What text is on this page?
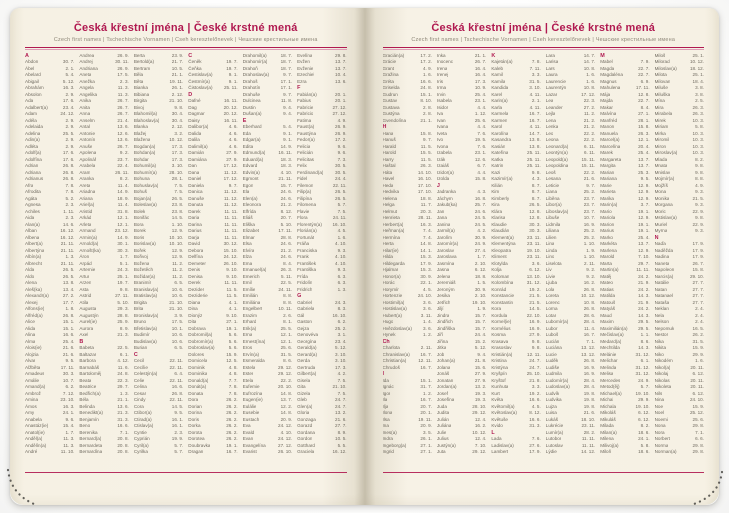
Česká křestní jména | České krstné mená
Czech first names | Tschechische Vornamen | Cseh keresztelőnevek | Чешские крестильные имена
A
Abdon	30. 7.
Ábel	2. 1.
Abelard	5. 4.
Abigail	5. 12.
Abrahám	16. 3.
Absolon	2. 9.
Ada	17. 6.
Adalbert(a)	23. 4.
Adam	24. 12.
Adéla	2. 9.
Adelaida	2. 9.
Adelina	25. 5.
Adin(a)	2. 9.
Adléta	2. 9.
Adolf(a)	17. 6.
Adolfína	17. 6.
Adrian	26. 8.
Adriana	26. 8.
Adrianus	26. 8.
Afra	7. 8.
Afrodita	7. 8.
Agáta	5. 2.
Agnesa	2. 3.
Achiles	1. 11.
Aida	2. 3.
Alan(a)	14. 6.
Alban	16. 12.
Albena	16. 12.
Albert(a)	21. 11.
Albertýna	21. 11.
Albín(a)	1. 3.
Albrecht	21. 11.
Alda	26. 5.
Aldo	26. 5.
Alena	13. 8.
Aleš(ka)	13. 4.
Alexandr(a)	27. 2.
Alexej	17. 7.
Alfons(ie)	1. 8.
Alfréd(a)	26. 8.
Alice	15. 1.
Alida	15. 1.
Alina	16. 6.
Alma	25. 4.
Alois(ie)	21. 6.
Alojzia	21. 6.
Alvar	9. 5.
Alžběta	17. 11.
Amadeus	30. 3.
Amálie	10. 7.
Amand(a)	6. 2.
Ambrož	7. 12.
Amina	23. 10.
Ámos	16. 3.
Amy	24. 1.
Anabela	9. 6.
Anastáz(ie)	15. 4.
Anatol(ie)	1. 7.
Anděl(a)	11. 3.
Andělín(a)	11. 3.
André	11. 10.
Andrea	26. 9.
Andrej	30. 11.
Andriana	26. 9.
Aneta	17. 5.
Anežka	2. 3.
Angela	11. 3.
Angelika	11. 3.
Anika	26. 7.
Anita	26. 7.
Anna	26. 7.
Anselm	21. 4.
Antal	13. 6.
Antonie	12. 6.
Antonín	13. 6.
Anuše	26. 7.
Apolena	9. 2.
Apolinář	23. 7.
Arabela	22. 4.
Aram	26. 11.
Aranka	8. 2.
Areta	11. 4.
Ariadna	14. 9.
Ariana	18. 9.
Ariel(a)	11. 4.
Aristid	31. 8.
Arkád	12. 1.
Arleta	12. 1.
Armand	23. 12.
Armin(a)	14. 9.
Arnold(a)	30. 1.
Arnošt(ka)	30. 3.
Áron	1. 7.
Arpád	5. 1.
Artemie	24. 3.
Artur	25. 1.
Arzen	19. 7.
Asta	9. 8.
Astrid	27. 11.
Atila	5. 10.
Augusta	29. 3.
Augustýn	28. 8.
Aurel(ie)	25. 9.
Aurora	8. 9.
Axel	21. 3.
B
Babeta	22. 5.
Baltazar	6. 1.
Barbora	4. 12.
Barnabáš	11. 6.
Bartoloměj	24. 8.
Beata	22. 3.
Beatrice	29. 7.
Bedřich(a)	1. 3.
Béla	21. 1.
Belinda	13. 6.
Benedikt(a)	21. 3.
Benjamín	31. 3.
Beno	16. 6.
Berenika	7. 1.
Bernard(a)	20. 8.
Bernardeta	20. 8.
Bernardína	20. 8.
Berta	23. 9.
Bertold(a)	21. 7.
Bertram	10. 5.
Běla	21. 1.
Běta	19. 11.
Bianka	26. 1.
Bibiana	2. 12.
Birgita	21. 10.
Bivoj	9. 8.
Blahomil(a)	30. 4.
Blahoslav(a)	30. 4.
Blanka	2. 12.
Blažej	3. 2.
Blažena	10. 12.
Bogdan(a)	17. 3.
Bohdan(a)	17. 3.
Bohdar	17. 3.
Bohumil(a)	3. 10.
Bohumír(a)	28. 10.
Bohuna	28. 1.
Bohuslav(a)	7. 5.
Bohuš	7. 5.
Bojan(a)	26. 5.
Boleslav(a)	23. 8.
Bolek	23. 8.
Bonifác	14. 5.
Bora	1. 10.
Borek	12. 9.
Boris	10. 10.
Borislav(a)	10. 10.
Bořek	12. 9.
Bořivoj	12. 9.
Božena	11. 2.
Božetěch	11. 2.
Božidar(a)	11. 2.
Branimír	6. 5.
Branislav(a)	10. 6.
Bratislav(a)	10. 6.
Brigita	21. 10.
Brita	21. 10.
Bronislav(a)	3. 9.
Bruno	17. 5.
Břetislav(a)	10. 1.
Budimír	10. 6.
Budislav(a)	10. 6.
Burian	6. 5.
C
Cecil	22. 11.
Cecílie	22. 11.
Celestýn(a)	6. 4.
Celie	22. 11.
Celina	16. 6.
Cesar	26. 8.
Cindy	22. 11.
Cora	14. 5.
Ctibor(a)	9. 5.
Ctirad(a)	16. 1.
Ctislav(a)	16. 1.
Cyntie	2. 3.
Cyprián	19. 9.
Cyril(a)	5. 7.
Cyrilka	5. 7.
Č
Čeněk	19. 7.
Čeňka	19. 7.
Čestislav(a)	9. 1.
Čestmír(a)	9. 1.
Čistoslav(a) 25. 11.
D
Dafné	16. 11.
Dag	20. 12.
Dagmar	20. 12.
Daisy	16. 11.
Dalibor(a)	4. 6.
Dalida	4. 6.
Dalila	4. 6.
Dalimil(a)	4. 6.
Damián	27. 9.
Damiána	27. 9.
Dan	17. 12.
Dana	11. 12.
Daniel	17. 12.
Daniela	9. 7.
Danica	11. 12.
Danuše	11. 12.
Danuta	11. 12.
Darek	11. 11.
Daria	11. 11.
Darina	11. 11.
Darius	11. 11.
Darja	11. 11.
David	30. 12.
Debora	15. 10.
Delfína	24. 12.
Demeter	26. 10.
Denis	9. 10.
Denisa	9. 10.
Derek	11. 11.
Dezider	11. 5.
Deziderie	11. 5.
Diana	4. 1.
Dina	4. 1.
Dionýz	9. 10.
Dita	27. 1.
Dobrava	19. 1.
Dobromil(a)	5. 6.
Dobromír(a)	5. 6.
Dobroslav(a)	5. 6.
Dolores	15. 9.
Domicela	12. 5.
Dominik	4. 8.
Dominika	4. 8.
Donald(a)	7. 7.
Donát(a)	7. 8.
Donata	7. 8.
Dora	26. 2.
Dorian	26. 2.
Dorina	26. 2.
Doris	26. 2.
Dorka	26. 2.
Dorota	26. 2.
Dorotea	26. 2.
Doubravka	19. 1.
Dragan	16. 7.
Drahomil(a)	18. 7.
Drahomír(a)	18. 7.
Drahoň	18. 7.
Drahoslav(a)	9. 7.
Drahoš	17. 1.
Drahotín	17. 1.
Drahuše	9. 7.
Dulcinea	11. 8.
Dustin	9. 4.
Dušan(a)	9. 4.
E
Eberhard	5. 4.
Eda	9. 1.
Edgar(a)	9. 1.
Edita	14. 9.
Edmund(a)	16. 11.
Eduard(a)	18. 3.
Edvard	18. 3.
Edvin(a)	4. 10.
Egmont	21. 11.
Egon	15. 7.
Ela	24. 6.
Elen(a)	24. 6.
Eleonora	21. 2.
Elfrída	8. 12.
Eliáš	20. 7.
Eliška	5. 10.
Elizabet	17. 11.
Elmar	28. 8.
Elsa	24. 6.
Elvíra	21. 2.
Elza	24. 6.
Ema	8. 4.
Emanuel(a)	26. 3.
Emerich	5. 11.
Emil	22. 5.
Emílie	24. 11.
Emilián	8. 8.
Emiliána	8. 8.
Engelbert	10. 11.
Erazim	2. 6.
Erhard	8. 1.
Erik(a)	25. 5.
Erna	12. 1.
Ernest(ína)	12. 1.
Eros	25. 6.
Ervín(a)	31. 5.
Esmeralda	8. 6.
Estela	29. 12.
Ester	29. 12.
Etela	22. 2.
Eufemie	20. 10.
Eufrozína	14. 8.
Eugen(ie)	13. 7.
Eulálie	12. 2.
Eusebie	14. 8.
Eustach	20. 9.
Eva	24. 12.
Evald	4. 10.
Evan	24. 12.
Evangelína	27. 12.
Evarist	26. 10.
Evelína	29. 8.
Evžen	13. 7.
Evženie	13. 7.
Ezechiel	10. 4.
Ezra	13. 6.
F
Fabián(a)	20. 1.
Fabius	20. 1.
Fabricie	27. 12.
Fabricio	27. 12.
Fatima	4. 9.
Faust(a)	26. 9.
Faustýna	26. 9.
Fedor(a)	17. 2.
Felicia	9. 6.
Felicián	9. 6.
Felicitas	7. 3.
Felix	30. 5.
Ferdinand(a)	30. 5.
Fidel	24. 4.
Filemon	22. 11.
Filip(a)	26. 5.
Filipína	26. 5.
Filomena	5. 7.
Flavie	7. 5.
Flora	24. 11.
Florentýn(a) 16. 10.
Florián(a)	4. 5.
Fortunát	1. 6.
Fráňa	4. 10.
Franciska	9. 3.
Frank	4. 10.
František	4. 10.
Františka	9. 3.
Frída	6. 3.
Fridolín	6. 3.
Fridrich	1. 3.
G
Gabriel	24. 3.
Gabriela	8. 3.
Gál	16. 10.
Gaston	6. 2.
Gejza	25. 2.
Genovéva	3. 1.
Georgína	23. 4.
Gerald(a)	5. 12.
Gerard(a)	3. 10.
Gerda	3. 10.
Gertruda	17. 3.
Gilbert(a)	4. 2.
Gisela	7. 5.
Gita	21. 10.
Gizela	7. 5.
Gleb	24. 7.
Glen(a)	24. 7.
Gloria	13. 2.
Gonzaga	21. 6.
Gorazd	27. 7.
Gordana	8. 9.
Gordon	10. 5.
Gotthard	5. 5.
Graciela	16. 12.
Česká křestní jména | České krstné mená
Czech first names | Tschechische Vornamen | Cseh keresztelőnevek | Чешские крестильные имена
Gracián(a)	17. 2.
Grácie	17. 2.
Grant	4. 9.
Gražina	1. 6.
Gréta	16. 6.
Griselda	24. 8.
Gudrun	15. 1.
Gustav	8. 10.
Gustava	2. 8.
Gustýna	2. 8.
Gvendolína	21. 1.
H
Hana	15. 8.
Hanuš	9. 7.
Harald	11. 5.
Harold	15. 5.
Harry	11. 5.
Haštal	26. 3.
Háta	14. 10.
Havel	16. 10.
Heda	17. 10.
Hedvika	17. 10.
Helena	18. 8.
Helga	11. 7.
Helmut	20. 3.
Henrieta	28. 11.
Herbert(a)	16. 3.
Heřman(a)	7. 4.
Hermína	7. 4.
Herta	14. 8.
Hilar(ie)	14. 1.
Hilda	15. 3.
Hildegarda	17. 9.
Hjalmar	15. 3.
Honor(a)	30. 9.
Horác	22. 1.
Horymír	4. 5.
Hortenzie	24. 10.
Hostimil(a)	3. 6.
Hostislav(a)	3. 6.
Hubert(a)	3. 11.
Hugo	1. 4.
Hvězdoslav(a) 3. 6.
Hynek	1. 2.
Ch
Charlota	2. 11.
Chranislav(a) 16. 7.
Christian(a)	12. 11.
Chrudoš	16. 7.
I
Ida	15. 1.
Ignác	31. 7.
Igor	1. 2.
Ila	16. 7.
Ilja	20. 7.
Ilona	20. 1.
Ilsa	19. 11.
Ina	20. 9.
Ines(a)	3. 5.
Indra	26. 1.
Ingeborg(a)	27. 1.
Ingrid	27. 1.
Inka	21. 1.
Inocenc	26. 7.
Irena	16. 4.
Irenej	16. 4.
Iris	17. 3.
Irma	10. 9.
Irvin	25. 4.
Isabela	23. 1.
Isidor	4. 4.
Iva	1. 12.
Ivan	25. 6.
Ivana	4. 4.
Iveta	7. 6.
Ivo	19. 5.
Ivona	7. 6.
Izabela	23. 1.
Izák	12. 6.
Izaiáš	6. 7.
Izidor(a)	4. 4.
Izolda	15. 8.
J
Jadranka	4. 3.
Jáchym	16. 8.
Jakub(ka)	25. 7.
Jan	24. 6.
Jana	24. 5.
Janina	24. 5.
Jarmil(a)	4. 2.
Jarolím	30. 9.
Jaromír(a)	24. 9.
Jaroslav	27. 4.
Jaroslava	1. 7.
Jasmína	2. 10.
Jasna	6. 12.
Jelena	18. 8.
Jeremiáš	1. 5.
Jeroným	30. 9.
Jesika	2. 10.
Jetřich	19. 10.
Jiljí	1. 9.
Jindra	15. 7.
Jindřich	15. 7.
Jindřiška	15. 7.
Jiří	24. 4.
Jiřina	15. 2.
Jitka	5. 12.
Job	9. 4.
Johan(a)	21. 8.
Jolana	15. 6.
Jonáš	27. 9.
Jonatan	27. 9.
Jordan(a)	13. 2.
Josef	19. 3.
Josefína	19. 3.
Juda	28. 10.
Judita	29. 12.
Julián	12. 4.
Juliána	16. 2.
Julie	10. 12.
Julius	12. 4.
Justýn(a)	7. 10.
Juta	29. 12.
K
Kajetán(a)	7. 8.
Kaleb	7. 11.
Kamil	3. 3.
Kamila	31. 5.
Kandida	3. 10.
Karel	4. 11.
Karin(a)	2. 1.
Karla	4. 11.
Karmela	16. 7.
Karmen	16. 7.
Karol	4. 11.
Karolína	14. 7.
Kasandra	13. 8.
Kasián	13. 8.
Kateřina	25. 11.
Katka	25. 11.
Katrin	25. 11.
Kazi	9. 8.
Kazimír(a)	4. 3.
Kilián	8. 7.
Kim	8. 7.
Kimberly	8. 7.
Kira	26. 5.
Klára	12. 8.
Klarisa	12. 8.
Klaudie	30. 3.
Klaudián	30. 3.
Klement(a)	23. 11.
Klementýna 23. 11.
Kleopatra	19. 10.
Kliment	23. 11.
Klotylda	3. 6.
Kolja	6. 12.
Koloman	13. 10.
Kolombína	31. 12.
Konrád	19. 2.
Konstancie	21. 5.
Konstantin	21. 5.
Kora	14. 5.
Kordula	22. 10.
Kornel(ie)	16. 9.
Kornélius	16. 9.
Kosma	27. 9.
Krasava	9. 8.
Krasoslav	9. 8.
Kristián(a)	12. 11.
Kristina	24. 7.
Kristýna	24. 7.
Kryšpín	25. 10.
Kryštof	21. 8.
Kunhuta	3. 3.
Kurt	19. 2.
Květa	16. 6.
Květomil(a)	4. 5.
Květoslav(a)	8. 12.
Květuše	16. 6.
Kvido	31. 3.
L
Lada	7. 6.
Ladislav(a)	27. 6.
Lambert	17. 9.
Lara	14. 7.
Larisa	14. 7.
Lars	10. 8.
Laura	1. 6.
Laurencie	1. 6.
Laurentýn	10. 8.
Lazar	17. 12.
Lea	22. 3.
Leander	27. 2.
Lejla	11. 2.
Lena	21. 2.
Lenka	21. 2.
Leo	22. 2.
Leona	22. 2.
Leonard(a)	6. 11.
Leontýn(a)	6. 11.
Leopold(a)	15. 11.
Leopoldina	15. 11.
Leoš	22. 2.
Lesana	21. 6.
Leticie	9. 7.
Liana	25. 2.
Liběna	23. 7.
Libor(a)	23. 7.
Liboslav(a)	23. 7.
Libuše	10. 7.
Lidmila	16. 9.
Liliana	25. 2.
Lilien	25. 2.
Lina	1. 10.
Linda	1. 9.
Lino	1. 10.
Liselota	2. 11.
Liv	9. 2.
Livie	9. 2.
Ljuba	16. 2.
Lola	26. 8.
Loreta	10. 12.
Lorenc	10. 8.
Lorna	26. 8.
Lotar	28. 6.
Lubomír(a)	28. 4.
Lubor	11. 4.
Luboš	16. 7.
Lucián	7. 1.
Luciána	13. 12.
Lucie	13. 12.
Luděk	26. 8.
Ludiše	16. 9.
Ludmila	16. 9.
Ludomír(a)	28. 4.
Ludoslav(a)	28. 4.
Ludvík	19. 8.
Ludvika	19. 8.
Lujza	19. 8.
Luisa	21. 6.
Lukáš	18. 10.
Lukrécie	23. 11.
Lumír(a)	28. 2.
Lutobor	11. 11.
Lutoslav	11. 11.
Lýdie	14. 12.
M
Mabel	7. 9.
Magda	22. 7.
Magdaléna	22. 7.
Magnus	6. 9.
Mahulena	17. 11.
Mája	12. 8.
Majda	22. 7.
Makar	8. 4.
Malvína	27. 1.
Manfréd	28. 1.
Manon	15. 8.
Manuela	26. 3.
Marcel(a)	12. 1.
Marcelína	20. 4.
Marek	25. 4.
Margareta	13. 7.
Margita	13. 7.
Marian	25. 3.
Mariana	9. 5.
Marie	12. 9.
Marieta	12. 9.
Marika	12. 9.
Marin(a)	3. 7.
Mario	19. 1.
Mariola	12. 9.
Marion	19. 1.
Marius	19. 1.
Marko	25. 4.
Markéta	13. 7.
Marlena	12. 9.
Marold	7. 10.
Marta	29. 7.
Martin(a)	11. 11.
Matěj	24. 2.
Mateo	21. 9.
Matias	24. 2.
Matilda	14. 3.
Matouš	21. 9.
Matyáš	24. 2.
Maud	14. 3.
Maxim	29. 5.
Maximilián(a) 29. 5.
Mečislav(a)	1. 1.
Medard(a)	8. 6.
Mechtilda	14. 3.
Melánie	31. 12.
Melichar	6. 1.
Melinda	31. 12.
Melisa	31. 12.
Mercedes	24. 9.
Metod(ěj)	5. 7.
Michael(a)	19. 10.
Michal	29. 9.
Michala	19. 10.
Mikoláš	6. 12.
Mikuláš	6. 12.
Milada	8. 2.
Milan(a)	18. 6.
Milena	24. 1.
Milivoj(a)	5. 8.
Miloň	18. 6.
Miloš	25. 1.
Milorad	10. 12.
Miloslav(a)	18. 12.
Milota	25. 1.
Milovan	18. 4.
Miluše	3. 8.
Miluška	3. 8.
Mína	2. 5.
Mira	26. 3.
Mirabela	26. 3.
Mirek	10. 3.
Miriam	5. 8.
Mirka	10. 3.
Miromil	10. 3.
Miron	10. 3.
Miroslav(a)	10. 3.
Mlada	8. 2.
Mnata	9. 8.
Mnislav	9. 8.
Mojmír(a)	8. 8.
Mojžíš	4. 9.
Mona	9. 3.
Monika	21. 5.
Morgana	9. 3.
Moric	22. 9.
Mstislav(a)	9. 8.
Muriel	22. 9.
Myrna	9. 3.
N
Naďa	17. 9.
Naděžda	17. 9.
Nadina	17. 9.
Naneta	26. 7.
Napoleon	15. 8.
Narcis(a)	29. 10.
Natálie	27. 7.
Natan	27. 7.
Natanael	27. 7.
Nataša	27. 7.
Neklan	2. 4.
Nela	2. 4.
Nelson	2. 4.
Nepomuk	16. 5.
Nestor	26. 2.
Nika	31. 5.
Nikita	15. 9.
Niko	29. 9.
Nikodém	1. 6.
Nikol(a)	20. 11.
Nikolaj	6. 12.
Nikolas	20. 11.
Nikoleta	20. 11.
Nils	6. 12.
Nina	24. 10.
Noe	15. 9.
Noel	25. 12.
Noemi	25. 6.
Nona	29. 8.
Nora	7. 1.
Norbert	6. 6.
Norma	29. 8.
Norman(a)	29. 8.
